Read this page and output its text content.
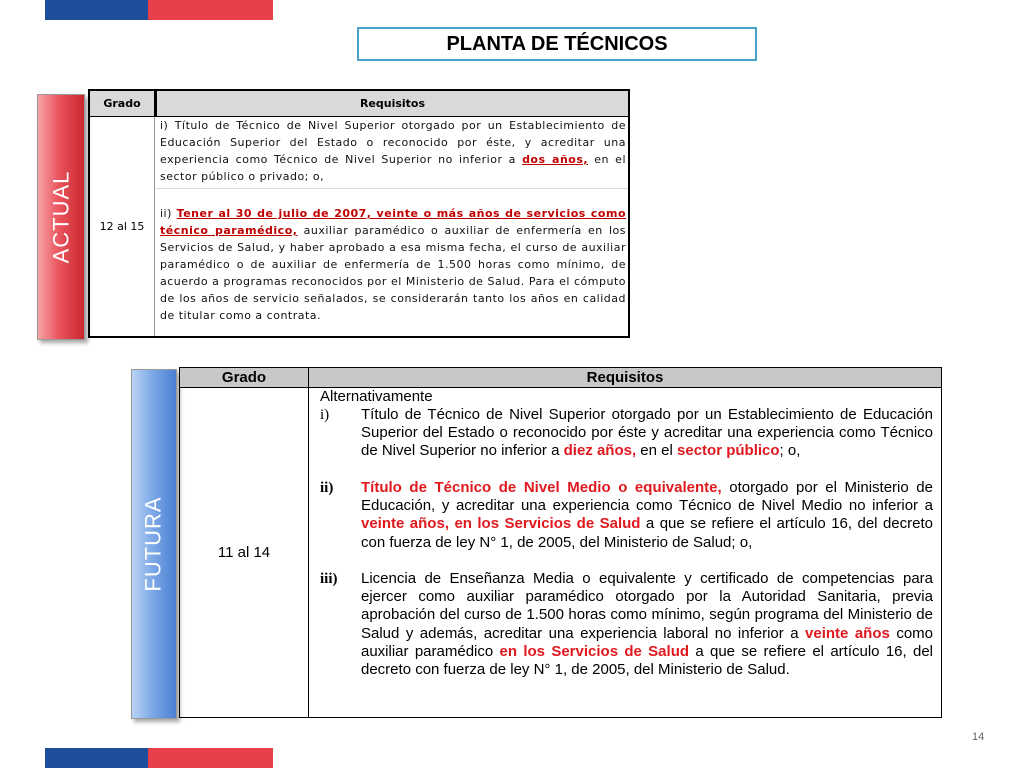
PLANTA DE TÉCNICOS
ACTUAL
Grado	Requisitos
12 al 15
i) Título de Técnico de Nivel Superior otorgado por un Establecimiento de Educación Superior del Estado o reconocido por éste, y acreditar una experiencia como Técnico de Nivel Superior no inferior a dos años, en el sector público o privado; o,
ii) Tener al 30 de julio de 2007, veinte o más años de servicios como técnico paramédico, auxiliar paramédico o auxiliar de enfermería en los Servicios de Salud, y haber aprobado a esa misma fecha, el curso de auxiliar paramédico o de auxiliar de enfermería de 1.500 horas como mínimo, de acuerdo a programas reconocidos por el Ministerio de Salud. Para el cómputo de los años de servicio señalados, se considerarán tanto los años en calidad de titular como a contrata.
FUTURA
Grado	Requisitos
11 al 14
Alternativamente
i) Título de Técnico de Nivel Superior otorgado por un Establecimiento de Educación Superior del Estado o reconocido por éste y acreditar una experiencia como Técnico de Nivel Superior no inferior a diez años, en el sector público; o,
ii) Título de Técnico de Nivel Medio o equivalente, otorgado por el Ministerio de Educación, y acreditar una experiencia como Técnico de Nivel Medio no inferior a veinte años, en los Servicios de Salud a que se refiere el artículo 16, del decreto con fuerza de ley N° 1, de 2005, del Ministerio de Salud; o,
iii) Licencia de Enseñanza Media o equivalente y certificado de competencias para ejercer como auxiliar paramédico otorgado por la Autoridad Sanitaria, previa aprobación del curso de 1.500 horas como mínimo, según programa del Ministerio de Salud y además, acreditar una experiencia laboral no inferior a veinte años como auxiliar paramédico en los Servicios de Salud a que se refiere el artículo 16, del decreto con fuerza de ley N° 1, de 2005, del Ministerio de Salud.
14
